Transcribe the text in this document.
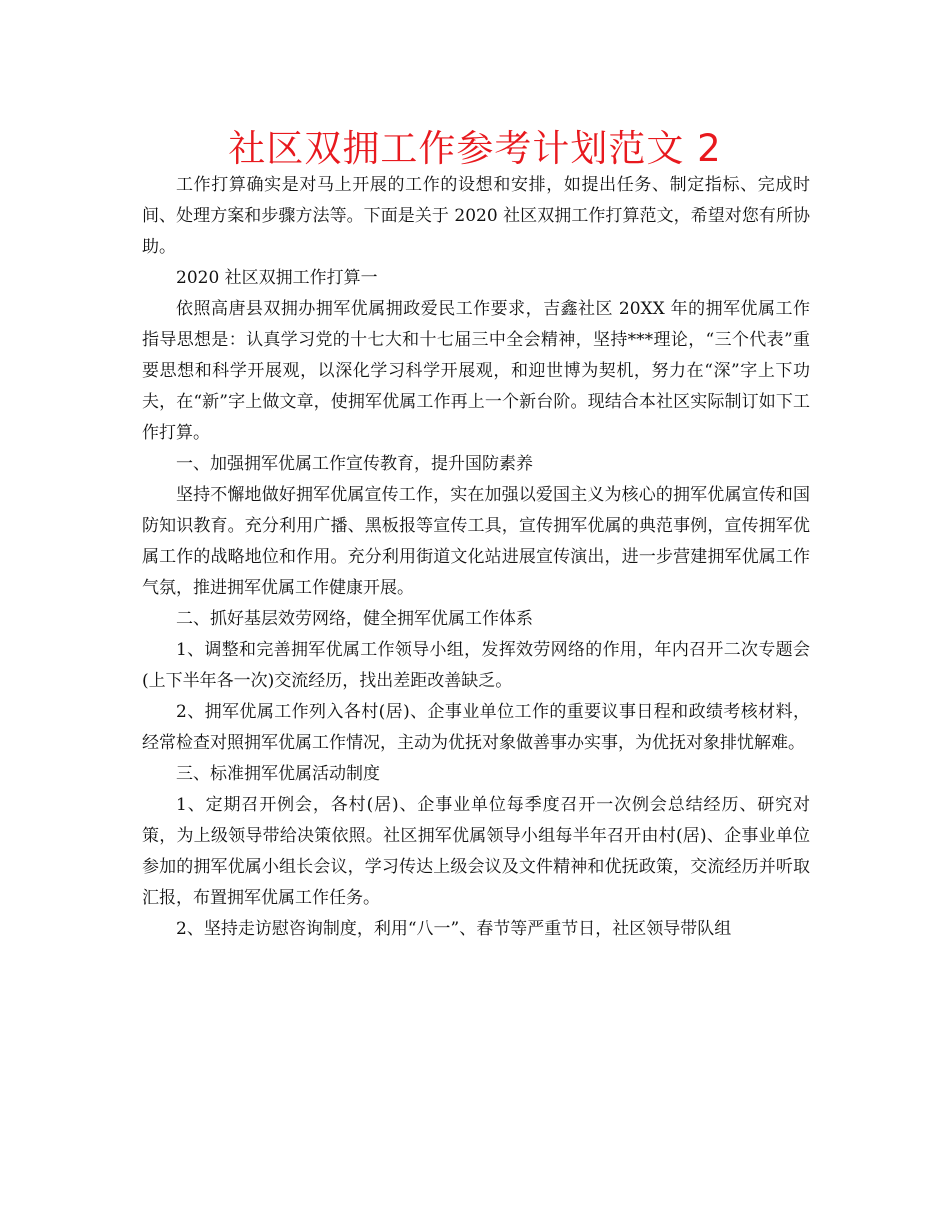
社区双拥工作参考计划范文 2

工作打算确实是对马上开展的工作的设想和安排，如提出任务、制定指标、完成时间、处理方案和步骤方法等。下面是关于 2020 社区双拥工作打算范文，希望对您有所协助。

2020 社区双拥工作打算一

依照高唐县双拥办拥军优属拥政爱民工作要求，吉鑫社区 20XX 年的拥军优属工作指导思想是：认真学习党的十七大和十七届三中全会精神，坚持***理论，“三个代表”重要思想和科学开展观，以深化学习科学开展观，和迎世博为契机，努力在“深”字上下功夫，在“新”字上做文章，使拥军优属工作再上一个新台阶。现结合本社区实际制订如下工作打算。

一、加强拥军优属工作宣传教育，提升国防素养

坚持不懈地做好拥军优属宣传工作，实在加强以爱国主义为核心的拥军优属宣传和国防知识教育。充分利用广播、黑板报等宣传工具，宣传拥军优属的典范事例，宣传拥军优属工作的战略地位和作用。充分利用街道文化站进展宣传演出，进一步营建拥军优属工作气氛，推进拥军优属工作健康开展。

二、抓好基层效劳网络，健全拥军优属工作体系

1、调整和完善拥军优属工作领导小组，发挥效劳网络的作用，年内召开二次专题会(上下半年各一次)交流经历，找出差距改善缺乏。

2、拥军优属工作列入各村(居)、企事业单位工作的重要议事日程和政绩考核材料，经常检查对照拥军优属工作情况，主动为优抚对象做善事办实事，为优抚对象排忧解难。

三、标准拥军优属活动制度

1、定期召开例会，各村(居)、企事业单位每季度召开一次例会总结经历、研究对策，为上级领导带给决策依照。社区拥军优属领导小组每半年召开由村(居)、企事业单位参加的拥军优属小组长会议，学习传达上级会议及文件精神和优抚政策，交流经历并听取汇报，布置拥军优属工作任务。

2、坚持走访慰咨询制度，利用“八一”、春节等严重节日，社区领导带队组
